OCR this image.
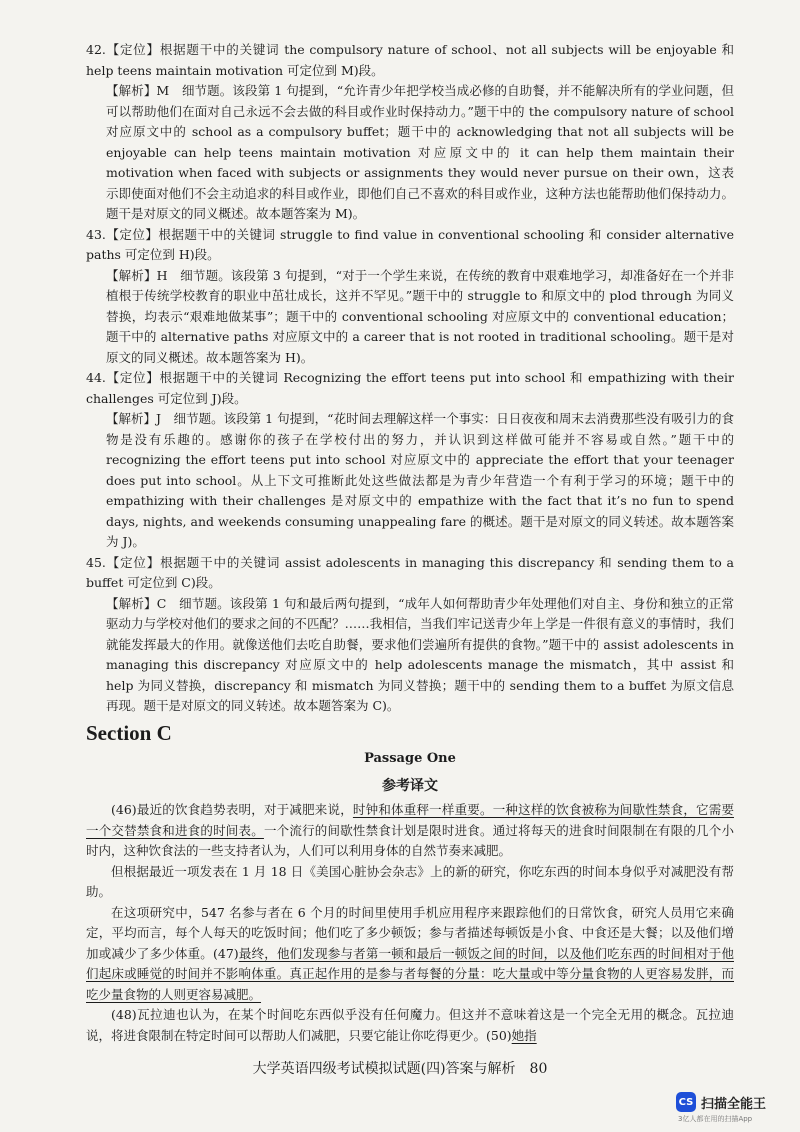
42.【定位】根据题干中的关键词 the compulsory nature of school、not all subjects will be enjoyable 和 help teens maintain motivation 可定位到 M)段。
【解析】M　细节题。该段第 1 句提到，“允许青少年把学校当成必修的自助餐，并不能解决所有的学业问题，但可以帮助他们在面对自己永远不会去做的科目或作业时保持动力。”题干中的 the compulsory nature of school 对应原文中的 school as a compulsory buffet；题干中的 acknowledging that not all subjects will be enjoyable can help teens maintain motivation 对应原文中的 it can help them maintain their motivation when faced with subjects or assignments they would never pursue on their own，这表示即使面对他们不会主动追求的科目或作业，即他们自己不喜欢的科目或作业，这种方法也能帮助他们保持动力。题干是对原文的同义概述。故本题答案为 M)。
43.【定位】根据题干中的关键词 struggle to find value in conventional schooling 和 consider alternative paths 可定位到 H)段。
【解析】H　细节题。该段第 3 句提到，“对于一个学生来说，在传统的教育中艰难地学习，却准备好在一个并非植根于传统学校教育的职业中茁壮成长，这并不罕见。”题干中的 struggle to 和原文中的 plod through 为同义替换，均表示“艰难地做某事”；题干中的 conventional schooling 对应原文中的 conventional education；题干中的 alternative paths 对应原文中的 a career that is not rooted in traditional schooling。题干是对原文的同义概述。故本题答案为 H)。
44.【定位】根据题干中的关键词 Recognizing the effort teens put into school 和 empathizing with their challenges 可定位到 J)段。
【解析】J　细节题。该段第 1 句提到，“花时间去理解这样一个事实：日日夜夜和周末去消费那些没有吸引力的食物是没有乐趣的。感谢你的孩子在学校付出的努力，并认识到这样做可能并不容易或自然。”题干中的 recognizing the effort teens put into school 对应原文中的 appreciate the effort that your teenager does put into school。从上下文可推断此处这些做法都是为青少年营造一个有利于学习的环境；题干中的 empathizing with their challenges 是对原文中的 empathize with the fact that it’s no fun to spend days, nights, and weekends consuming unappealing fare 的概述。题干是对原文的同义转述。故本题答案为 J)。
45.【定位】根据题干中的关键词 assist adolescents in managing this discrepancy 和 sending them to a buffet 可定位到 C)段。
【解析】C　细节题。该段第 1 句和最后两句提到，“成年人如何帮助青少年处理他们对自主、身份和独立的正常驱动力与学校对他们的要求之间的不匹配？……我相信，当我们牢记送青少年上学是一件很有意义的事情时，我们就能发挥最大的作用。就像送他们去吃自助餐，要求他们尝遍所有提供的食物。”题干中的 assist adolescents in managing this discrepancy 对应原文中的 help adolescents manage the mismatch，其中 assist 和 help 为同义替换，discrepancy 和 mismatch 为同义替换；题干中的 sending them to a buffet 为原文信息再现。题干是对原文的同义转述。故本题答案为 C)。
Section C
Passage One
参考译文
(46)最近的饮食趋势表明，对于减肥来说，时钟和体重秤一样重要。一种这样的饮食被称为间歇性禁食，它需要一个交替禁食和进食的时间表。一个流行的间歇性禁食计划是限时进食。通过将每天的进食时间限制在有限的几个小时内，这种饮食法的一些支持者认为，人们可以利用身体的自然节奏来减肥。
但根据最近一项发表在 1 月 18 日《美国心脏协会杂志》上的新的研究，你吃东西的时间本身似乎对减肥没有帮助。
在这项研究中，547 名参与者在 6 个月的时间里使用手机应用程序来跟踪他们的日常饮食，研究人员用它来确定，平均而言，每个人每天的吃饭时间；他们吃了多少顿饭；参与者描述每顿饭是小食、中食还是大餐；以及他们增加或减少了多少体重。(47)最终，他们发现参与者第一顿和最后一顿饭之间的时间，以及他们吃东西的时间相对于他们起床或睡觉的时间并不影响体重。真正起作用的是参与者每餐的分量：吃大量或中等分量食物的人更容易发胖，而吃少量食物的人则更容易减肥。
(48)瓦拉迪也认为，在某个时间吃东西似乎没有任何魔力。但这并不意味着这是一个完全无用的概念。瓦拉迪说，将进食限制在特定时间可以帮助人们减肥，只要它能让你吃得更少。(50)她指
大学英语四级考试模拟试题(四)答案与解析　80
CS 扫描全能王
3亿人都在用的扫描App
